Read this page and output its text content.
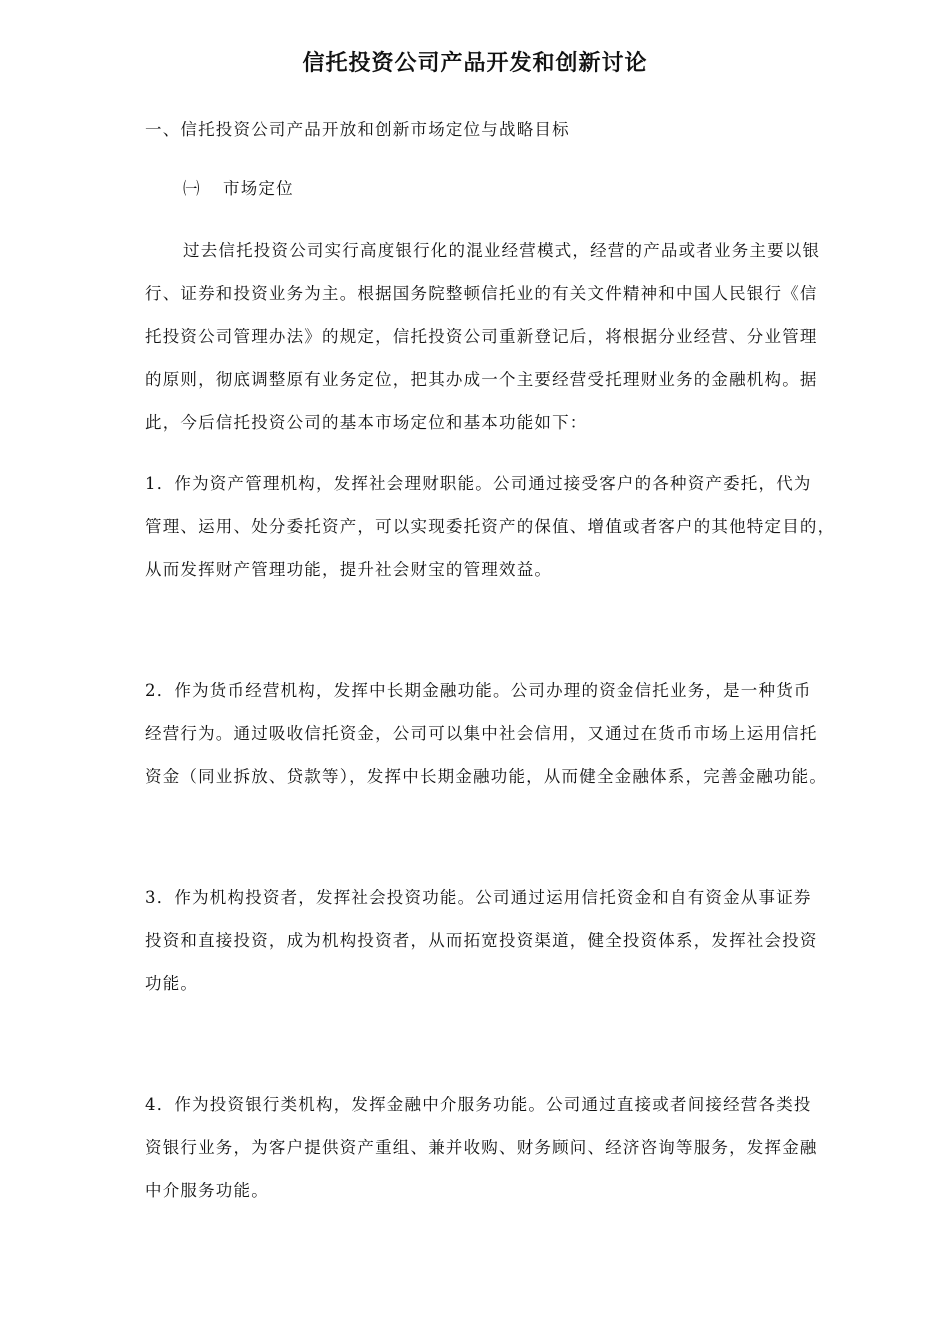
信托投资公司产品开发和创新讨论
一、信托投资公司产品开放和创新市场定位与战略目标
㈠ 市场定位
过去信托投资公司实行高度银行化的混业经营模式，经营的产品或者业务主要以银
行、证券和投资业务为主。根据国务院整顿信托业的有关文件精神和中国人民银行《信
托投资公司管理办法》的规定，信托投资公司重新登记后，将根据分业经营、分业管理
的原则，彻底调整原有业务定位，把其办成一个主要经营受托理财业务的金融机构。据
此，今后信托投资公司的基本市场定位和基本功能如下：
1．作为资产管理机构，发挥社会理财职能。公司通过接受客户的各种资产委托，代为
管理、运用、处分委托资产，可以实现委托资产的保值、增值或者客户的其他特定目的，
从而发挥财产管理功能，提升社会财宝的管理效益。
2．作为货币经营机构，发挥中长期金融功能。公司办理的资金信托业务，是一种货币
经营行为。通过吸收信托资金，公司可以集中社会信用，又通过在货币市场上运用信托
资金（同业拆放、贷款等），发挥中长期金融功能，从而健全金融体系，完善金融功能。
3．作为机构投资者，发挥社会投资功能。公司通过运用信托资金和自有资金从事证券
投资和直接投资，成为机构投资者，从而拓宽投资渠道，健全投资体系，发挥社会投资
功能。
4．作为投资银行类机构，发挥金融中介服务功能。公司通过直接或者间接经营各类投
资银行业务，为客户提供资产重组、兼并收购、财务顾问、经济咨询等服务，发挥金融
中介服务功能。
